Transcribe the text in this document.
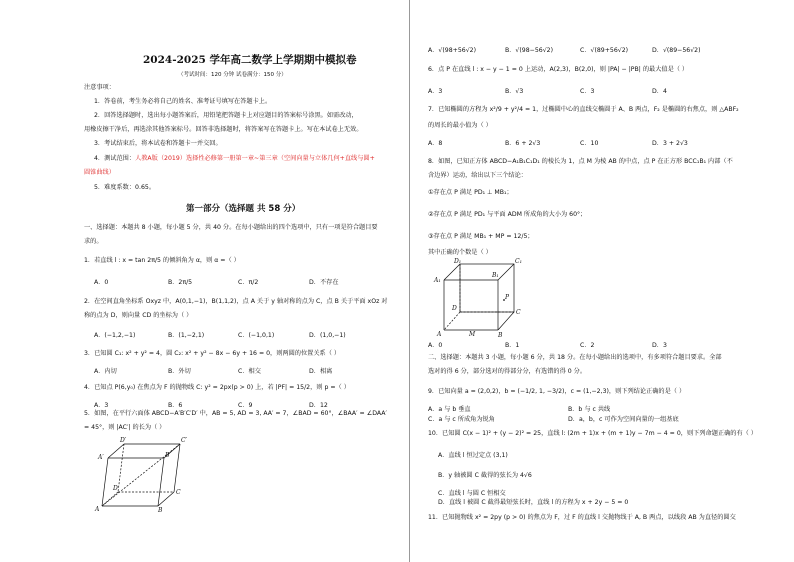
2024-2025 学年高二数学上学期期中模拟卷
（考试时间：120 分钟 试卷满分：150 分）
注意事项：
1．答卷前，考生务必将自己的姓名、准考证号填写在答题卡上。
2．回答选择题时，选出每小题答案后，用铅笔把答题卡上对应题目的答案标号涂黑。如需改动，
用橡皮擦干净后，再选涂其他答案标号。回答非选择题时，将答案写在答题卡上。写在本试卷上无效。
3．考试结束后，将本试卷和答题卡一并交回。
4．测试范围：人教A版（2019）选择性必修第一册第一章~第三章（空间向量与立体几何+直线与圆+
圆锥曲线）
5．难度系数：0.65。
第一部分（选择题 共 58 分）
一、选择题：本题共 8 小题，每小题 5 分，共 40 分。在每小题给出的四个选项中，只有一项是符合题目要
求的。
1．若直线 l : x = tan 2π/5 的倾斜角为 α，则 α =（ ）
A．0	B．2π/5	C．π/2	D．不存在
2．在空间直角坐标系 Oxyz 中，A(0,1,−1)，B(1,1,2)，点 A 关于 y 轴对称的点为 C，点 B 关于平面 xOz 对
称的点为 D，则向量 CD 的坐标为（ ）
A．(−1,2,−1)	B．(1,−2,1)	C．(−1,0,1)	D．(1,0,−1)
3．已知圆 C₁: x² + y² = 4，圆 C₂: x² + y² − 8x − 6y + 16 = 0，则两圆的位置关系（ ）
A．内切	B．外切	C．相交	D．相离
4．已知点 P(6,y₀) 在焦点为 F 的抛物线 C: y² = 2px(p > 0) 上，若 |PF| = 15/2，则 p =（ ）
A．3	B．6	C．9	D．12
5．如图，在平行六面体 ABCD−A′B′C′D′ 中，AB = 5, AD = 3, AA′ = 7，∠BAD = 60°，∠BAA′ = ∠DAA′
= 45°，则 |AC′| 的长为（ ）
D′	C′
A′	B′
D
C
A	B
A．√(98+56√2)	B．√(98−56√2)	C．√(89+56√2)	D．√(89−56√2)
6．点 P 在直线 l : x − y − 1 = 0 上运动，A(2,3)，B(2,0)，则 |PA| − |PB| 的最大值是（ ）
A．3	B．√3	C．3	D．4
7．已知椭圆的方程为 x²/9 + y²/4 = 1，过椭圆中心的直线交椭圆于 A、B 两点，F₂ 是椭圆的右焦点，则 △ABF₂
的周长的最小值为（ ）
A．8	B．6 + 2√3	C．10	D．3 + 2√3
8．如图，已知正方体 ABCD−A₁B₁C₁D₁ 的棱长为 1，点 M 为棱 AB 的中点，点 P 在正方形 BCC₁B₁ 内部（不
含边界）运动，给出以下三个结论：
①存在点 P 满足 PD₁ ⊥ MB₁；
②存在点 P 满足 PD₁ 与平面 ADM 所成角的大小为 60°；
③存在点 P 满足 MB₁ + MP = 12/5；
其中正确的个数是（ ）
D₁	C₁
A₁
B₁
D
C
A	M	B
P
A．0	B．1	C．2	D．3
二、选择题：本题共 3 小题，每小题 6 分，共 18 分。在每小题给出的选项中，有多项符合题目要求。全部
选对的得 6 分，部分选对的得部分分，有选错的得 0 分。
9．已知向量 a = (2,0,2)，b = (−1/2, 1, −3/2)，c = (1,−2,3)，则下列结论正确的是（ ）
A．a 与 b 垂直	B．b 与 c 共线
C．a 与 c 所成角为锐角	D．a，b，c 可作为空间向量的一组基底
10．已知圆 C(x − 1)² + (y − 2)² = 25，直线 l: (2m + 1)x + (m + 1)y − 7m − 4 = 0，则下列命题正确的有（ ）
A．直线 l 恒过定点 (3,1)
B．y 轴被圆 C 截得的弦长为 4√6
C．直线 l 与圆 C 恒相交
D．直线 l 被圆 C 截得最短弦长时，直线 l 的方程为 x + 2y − 5 = 0
11．已知抛物线 x² = 2py (p > 0) 的焦点为 F，过 F 的直线 l 交抛物线于 A, B 两点，以线段 AB 为直径的圆交
